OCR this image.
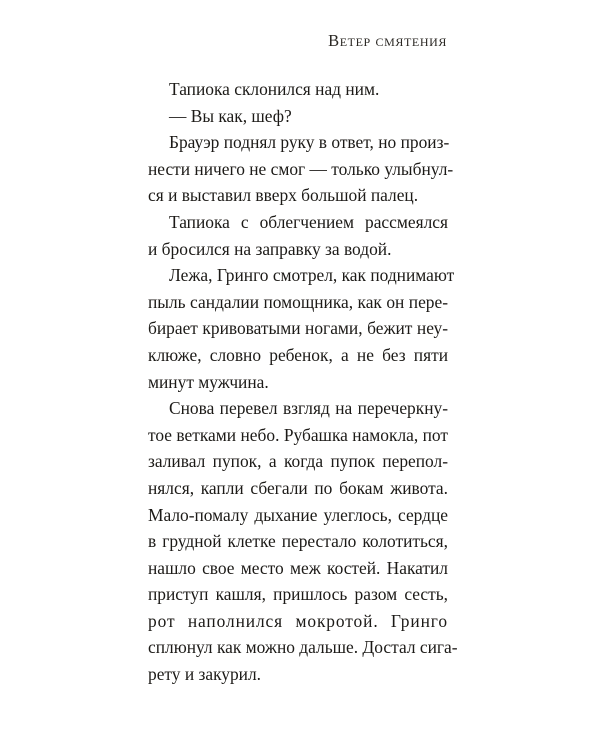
Ветер смятения
Тапиока склонился над ним.
— Вы как, шеф?
Брауэр поднял руку в ответ, но произ-
нести ничего не смог — только улыбнул-
ся и выставил вверх большой палец.
Тапиока с облегчением рассмеялся
и бросился на заправку за водой.
Лежа, Гринго смотрел, как поднимают
пыль сандалии помощника, как он пере-
бирает кривоватыми ногами, бежит неу-
клюже, словно ребенок, а не без пяти
минут мужчина.
Снова перевел взгляд на перечеркну-
тое ветками небо. Рубашка намокла, пот
заливал пупок, а когда пупок перепол-
нялся, капли сбегали по бокам живота.
Мало-помалу дыхание улеглось, сердце
в грудной клетке перестало колотиться,
нашло свое место меж костей. Накатил
приступ кашля, пришлось разом сесть,
рот наполнился мокротой. Гринго
сплюнул как можно дальше. Достал сига-
рету и закурил.
